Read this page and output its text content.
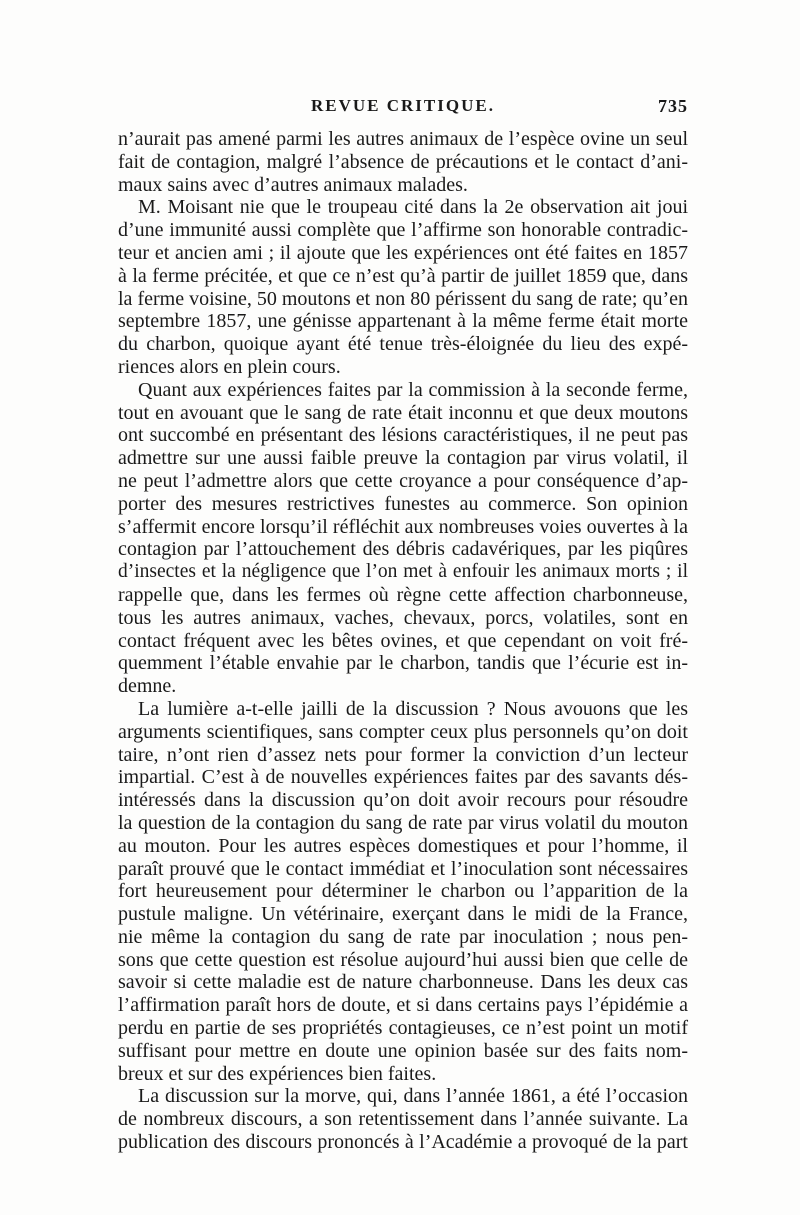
REVUE CRITIQUE.	735
n’aurait pas amené parmi les autres animaux de l’espèce ovine un seul
fait de contagion, malgré l’absence de précautions et le contact d’ani-
maux sains avec d’autres animaux malades.
M. Moisant nie que le troupeau cité dans la 2e observation ait joui
d’une immunité aussi complète que l’affirme son honorable contradic-
teur et ancien ami ; il ajoute que les expériences ont été faites en 1857
à la ferme précitée, et que ce n’est qu’à partir de juillet 1859 que, dans
la ferme voisine, 50 moutons et non 80 périssent du sang de rate; qu’en
septembre 1857, une génisse appartenant à la même ferme était morte
du charbon, quoique ayant été tenue très-éloignée du lieu des expé-
riences alors en plein cours.
Quant aux expériences faites par la commission à la seconde ferme,
tout en avouant que le sang de rate était inconnu et que deux moutons
ont succombé en présentant des lésions caractéristiques, il ne peut pas
admettre sur une aussi faible preuve la contagion par virus volatil, il
ne peut l’admettre alors que cette croyance a pour conséquence d’ap-
porter des mesures restrictives funestes au commerce. Son opinion
s’affermit encore lorsqu’il réfléchit aux nombreuses voies ouvertes à la
contagion par l’attouchement des débris cadavériques, par les piqûres
d’insectes et la négligence que l’on met à enfouir les animaux morts ; il
rappelle que, dans les fermes où règne cette affection charbonneuse,
tous les autres animaux, vaches, chevaux, porcs, volatiles, sont en
contact fréquent avec les bêtes ovines, et que cependant on voit fré-
quemment l’étable envahie par le charbon, tandis que l’écurie est in-
demne.
La lumière a-t-elle jailli de la discussion ? Nous avouons que les
arguments scientifiques, sans compter ceux plus personnels qu’on doit
taire, n’ont rien d’assez nets pour former la conviction d’un lecteur
impartial. C’est à de nouvelles expériences faites par des savants dés-
intéressés dans la discussion qu’on doit avoir recours pour résoudre
la question de la contagion du sang de rate par virus volatil du mouton
au mouton. Pour les autres espèces domestiques et pour l’homme, il
paraît prouvé que le contact immédiat et l’inoculation sont nécessaires
fort heureusement pour déterminer le charbon ou l’apparition de la
pustule maligne. Un vétérinaire, exerçant dans le midi de la France,
nie même la contagion du sang de rate par inoculation ; nous pen-
sons que cette question est résolue aujourd’hui aussi bien que celle de
savoir si cette maladie est de nature charbonneuse. Dans les deux cas
l’affirmation paraît hors de doute, et si dans certains pays l’épidémie a
perdu en partie de ses propriétés contagieuses, ce n’est point un motif
suffisant pour mettre en doute une opinion basée sur des faits nom-
breux et sur des expériences bien faites.
La discussion sur la morve, qui, dans l’année 1861, a été l’occasion
de nombreux discours, a son retentissement dans l’année suivante. La
publication des discours prononcés à l’Académie a provoqué de la part
